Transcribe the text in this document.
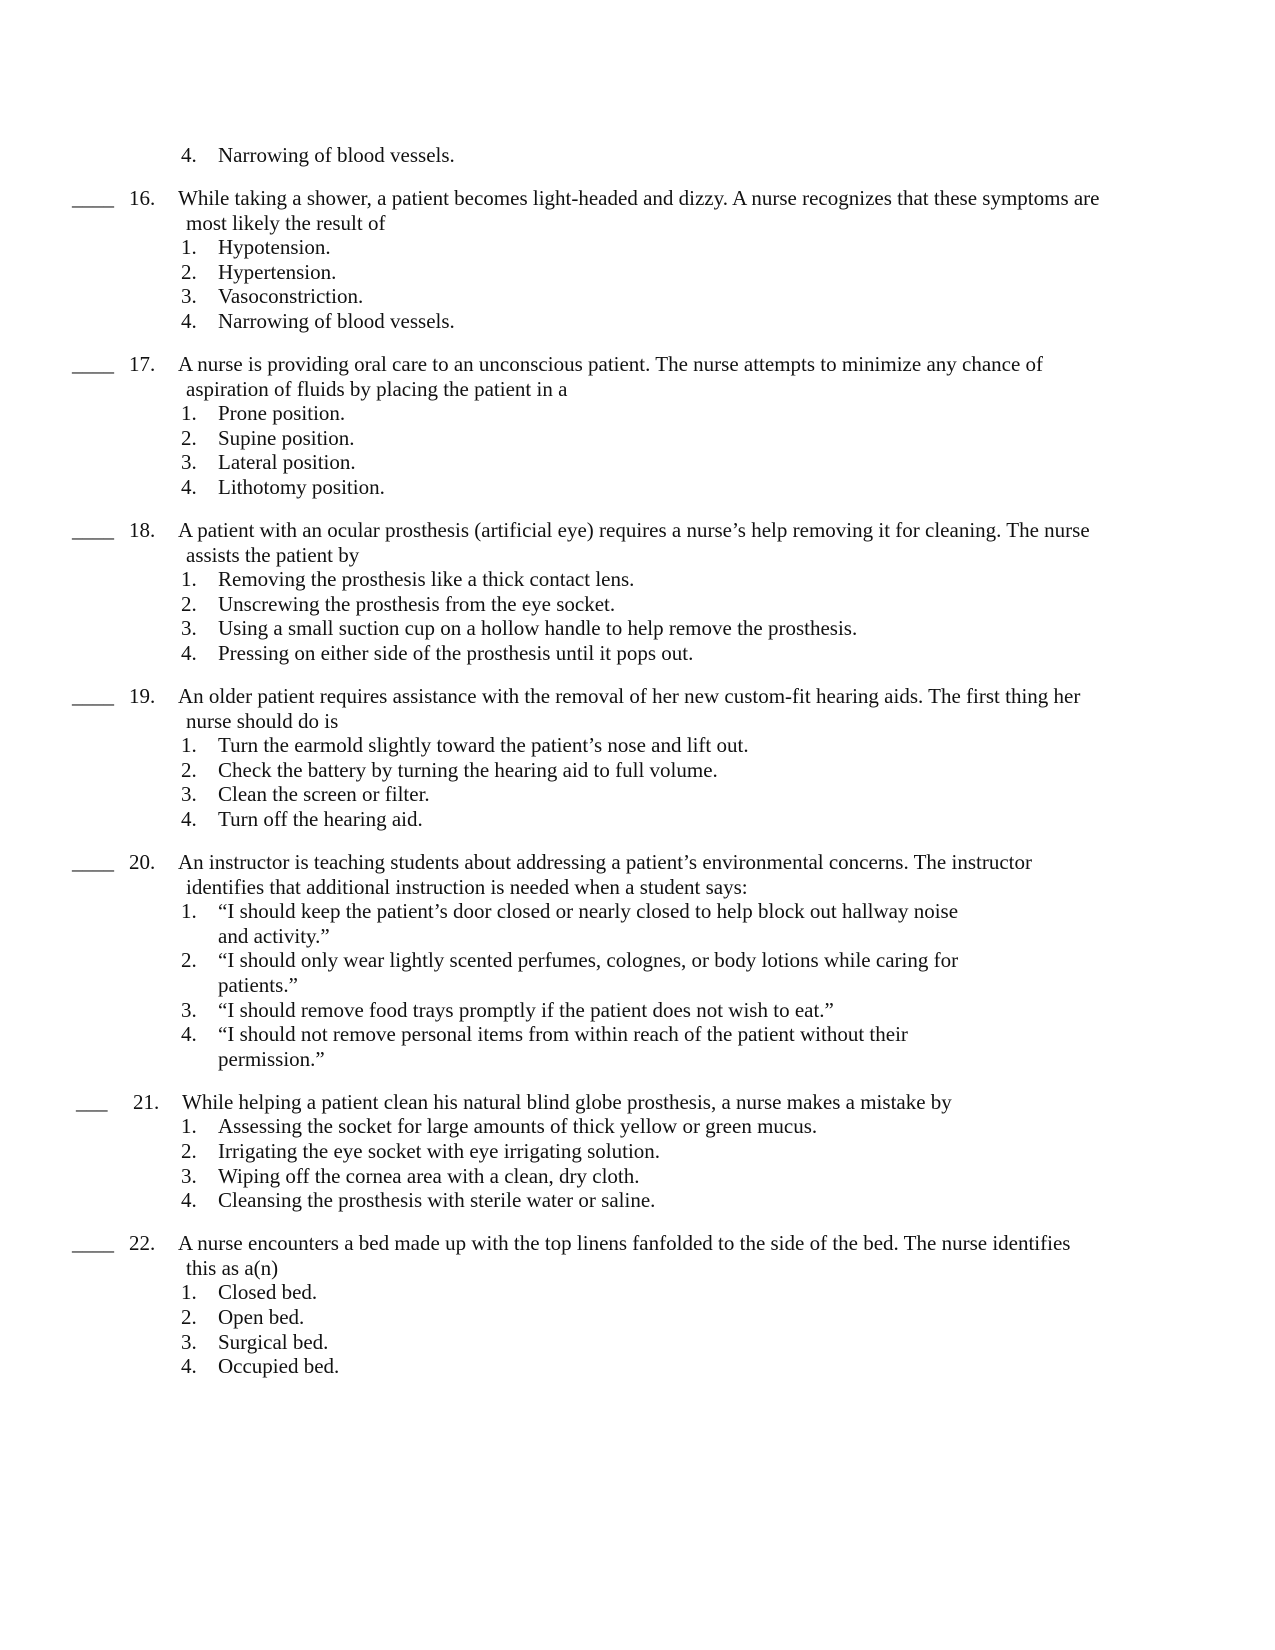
4. Narrowing of blood vessels.
____ 16. While taking a shower, a patient becomes light-headed and dizzy. A nurse recognizes that these symptoms are
most likely the result of
1. Hypotension.
2. Hypertension.
3. Vasoconstriction.
4. Narrowing of blood vessels.
____ 17. A nurse is providing oral care to an unconscious patient. The nurse attempts to minimize any chance of
aspiration of fluids by placing the patient in a
1. Prone position.
2. Supine position.
3. Lateral position.
4. Lithotomy position.
____ 18. A patient with an ocular prosthesis (artificial eye) requires a nurse’s help removing it for cleaning. The nurse
assists the patient by
1. Removing the prosthesis like a thick contact lens.
2. Unscrewing the prosthesis from the eye socket.
3. Using a small suction cup on a hollow handle to help remove the prosthesis.
4. Pressing on either side of the prosthesis until it pops out.
____ 19. An older patient requires assistance with the removal of her new custom-fit hearing aids. The first thing her
nurse should do is
1. Turn the earmold slightly toward the patient’s nose and lift out.
2. Check the battery by turning the hearing aid to full volume.
3. Clean the screen or filter.
4. Turn off the hearing aid.
____ 20. An instructor is teaching students about addressing a patient’s environmental concerns. The instructor
identifies that additional instruction is needed when a student says:
1. “I should keep the patient’s door closed or nearly closed to help block out hallway noise
and activity.”
2. “I should only wear lightly scented perfumes, colognes, or body lotions while caring for
patients.”
3. “I should remove food trays promptly if the patient does not wish to eat.”
4. “I should not remove personal items from within reach of the patient without their
permission.”
___ 21. While helping a patient clean his natural blind globe prosthesis, a nurse makes a mistake by
1. Assessing the socket for large amounts of thick yellow or green mucus.
2. Irrigating the eye socket with eye irrigating solution.
3. Wiping off the cornea area with a clean, dry cloth.
4. Cleansing the prosthesis with sterile water or saline.
____ 22. A nurse encounters a bed made up with the top linens fanfolded to the side of the bed. The nurse identifies
this as a(n)
1. Closed bed.
2. Open bed.
3. Surgical bed.
4. Occupied bed.
